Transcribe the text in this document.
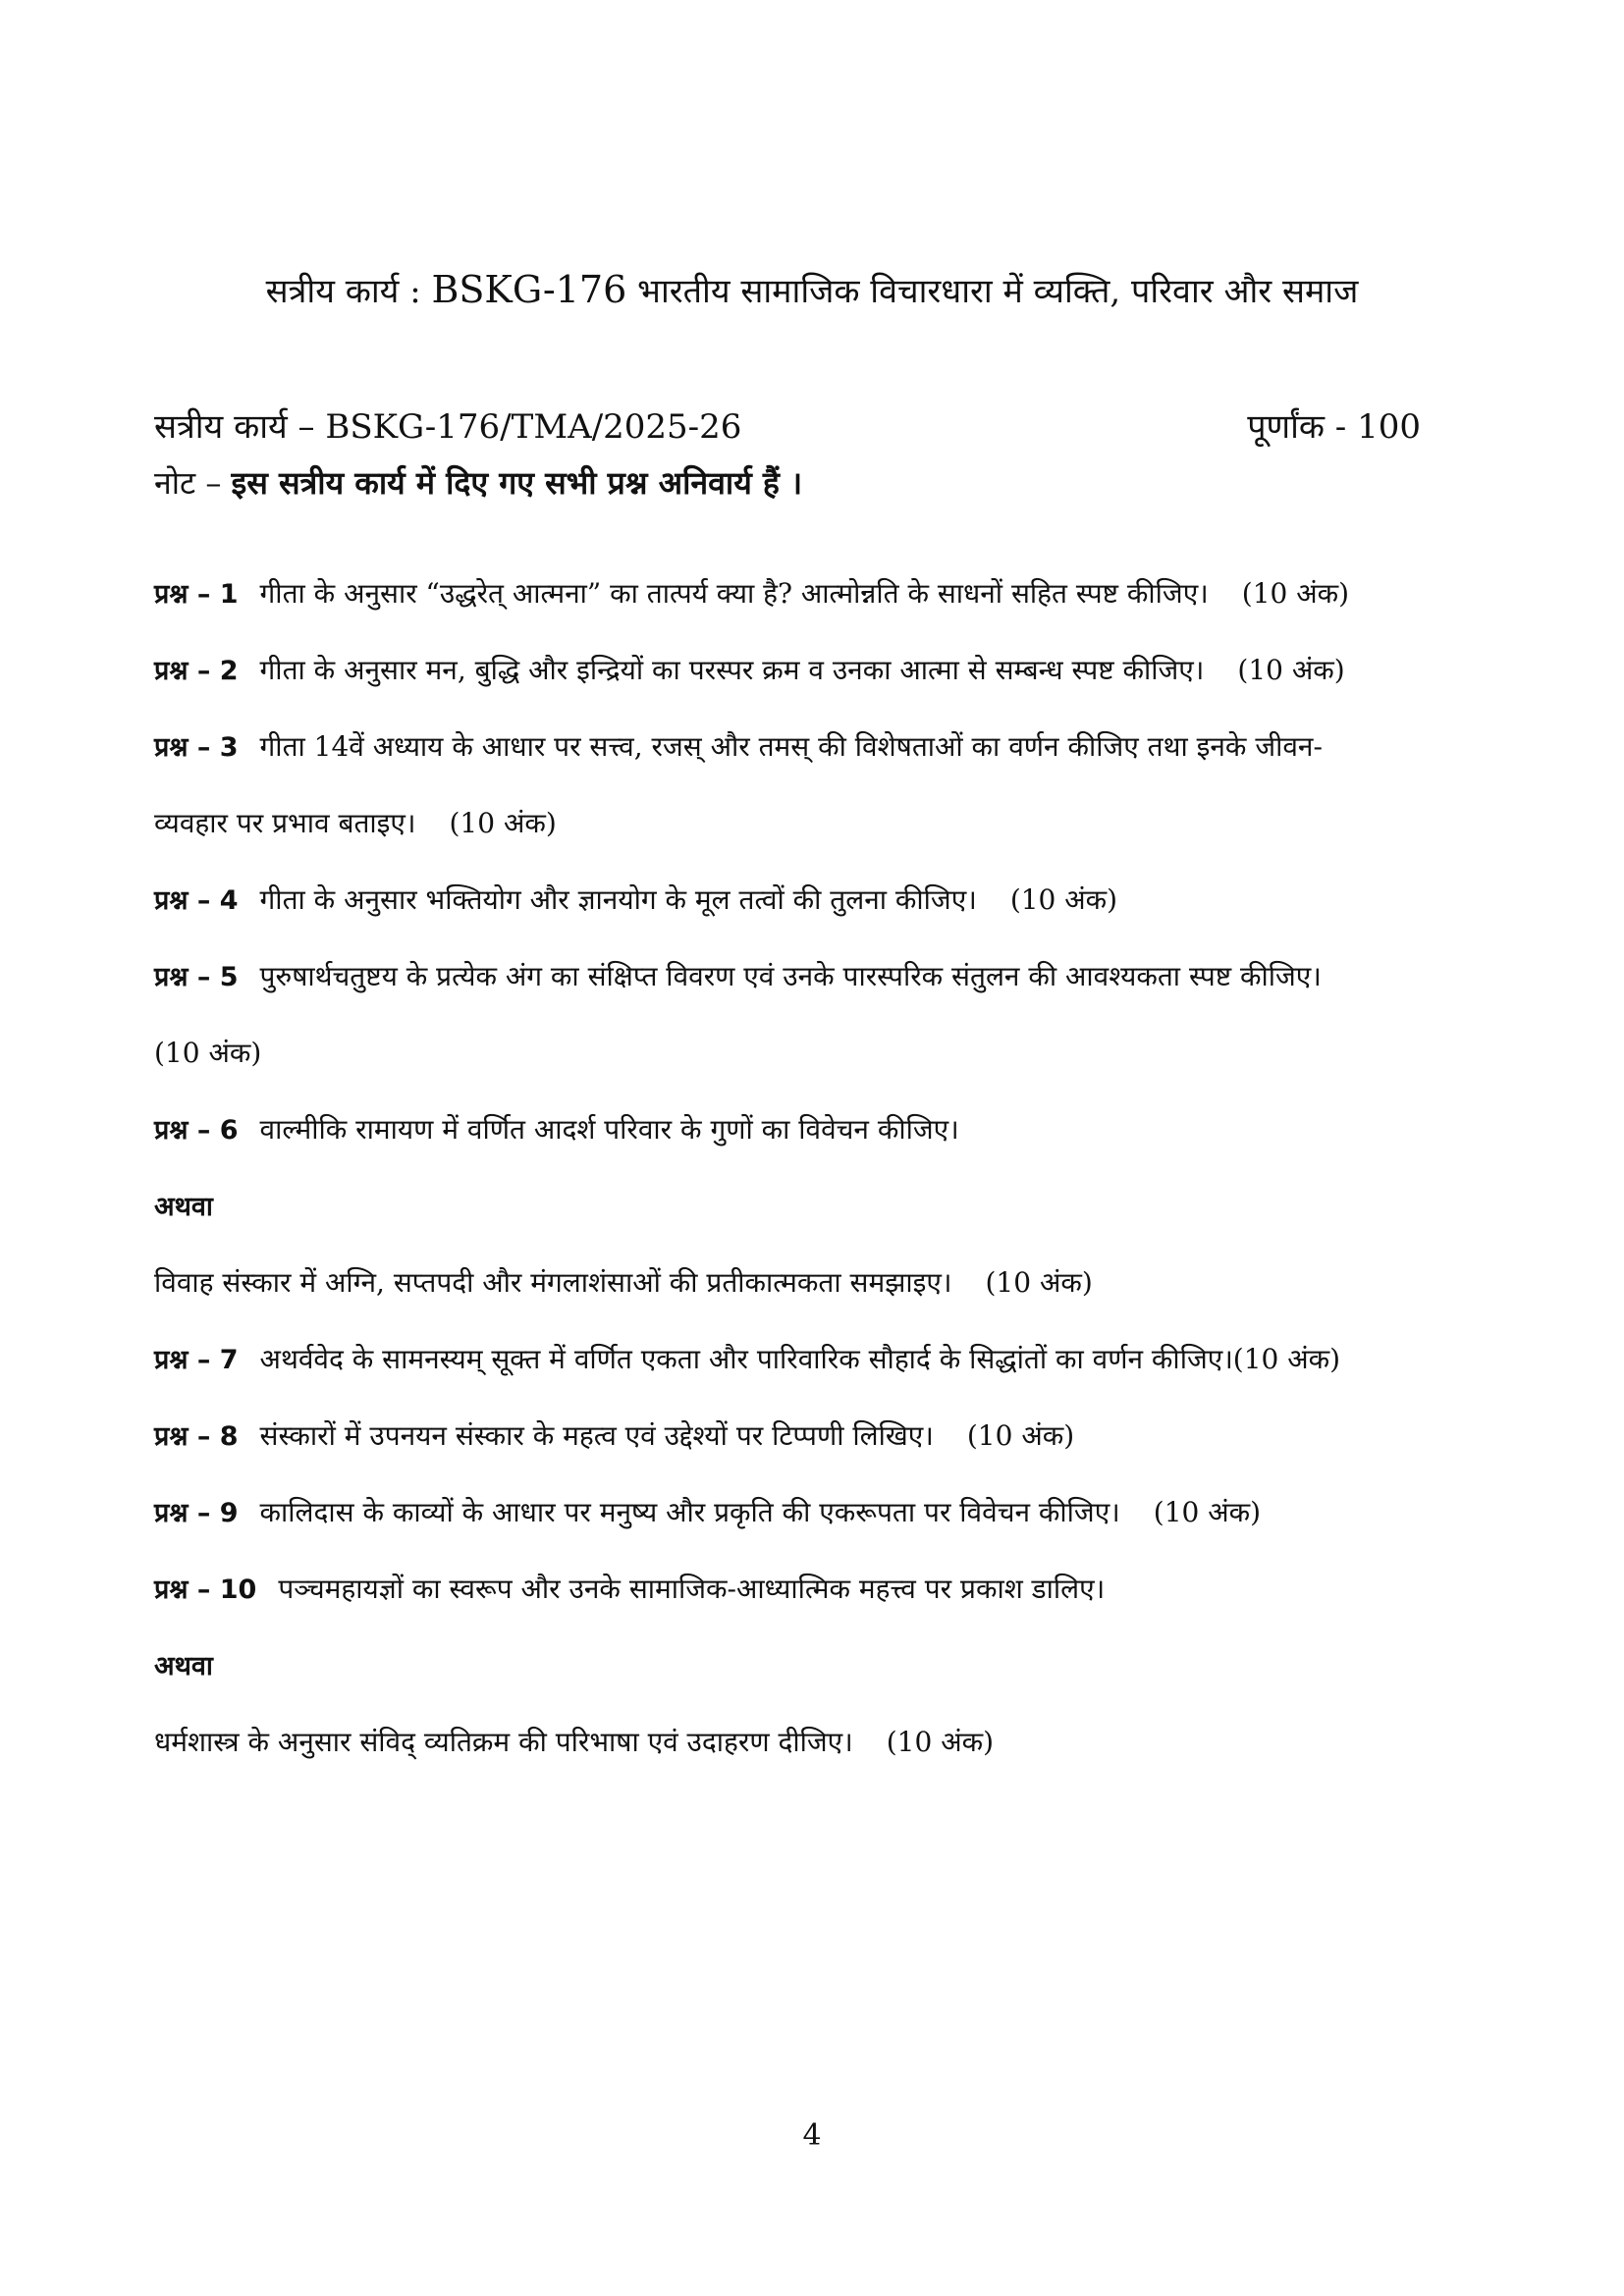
सत्रीय कार्य : BSKG-176 भारतीय सामाजिक विचारधारा में व्यक्ति, परिवार और समाज
सत्रीय कार्य – BSKG-176/TMA/2025-26	पूर्णांक - 100
नोट – इस सत्रीय कार्य में दिए गए सभी प्रश्न अनिवार्य हैं ।
प्रश्न – 1 गीता के अनुसार “उद्धरेत् आत्मना” का तात्पर्य क्या है? आत्मोन्नति के साधनों सहित स्पष्ट कीजिए। (10 अंक)
प्रश्न – 2 गीता के अनुसार मन, बुद्धि और इन्द्रियों का परस्पर क्रम व उनका आत्मा से सम्बन्ध स्पष्ट कीजिए। (10 अंक)
प्रश्न – 3 गीता 14वें अध्याय के आधार पर सत्त्व, रजस् और तमस् की विशेषताओं का वर्णन कीजिए तथा इनके जीवन-
व्यवहार पर प्रभाव बताइए। (10 अंक)
प्रश्न – 4 गीता के अनुसार भक्तियोग और ज्ञानयोग के मूल तत्वों की तुलना कीजिए। (10 अंक)
प्रश्न – 5 पुरुषार्थचतुष्टय के प्रत्येक अंग का संक्षिप्त विवरण एवं उनके पारस्परिक संतुलन की आवश्यकता स्पष्ट कीजिए।
(10 अंक)
प्रश्न – 6 वाल्मीकि रामायण में वर्णित आदर्श परिवार के गुणों का विवेचन कीजिए।
अथवा
विवाह संस्कार में अग्नि, सप्तपदी और मंगलाशंसाओं की प्रतीकात्मकता समझाइए। (10 अंक)
प्रश्न – 7 अथर्ववेद के सामनस्यम् सूक्त में वर्णित एकता और पारिवारिक सौहार्द के सिद्धांतों का वर्णन कीजिए।(10 अंक)
प्रश्न – 8 संस्कारों में उपनयन संस्कार के महत्व एवं उद्देश्यों पर टिप्पणी लिखिए। (10 अंक)
प्रश्न – 9 कालिदास के काव्यों के आधार पर मनुष्य और प्रकृति की एकरूपता पर विवेचन कीजिए। (10 अंक)
प्रश्न – 10 पञ्चमहायज्ञों का स्वरूप और उनके सामाजिक-आध्यात्मिक महत्त्व पर प्रकाश डालिए।
अथवा
धर्मशास्त्र के अनुसार संविद् व्यतिक्रम की परिभाषा एवं उदाहरण दीजिए। (10 अंक)
4
